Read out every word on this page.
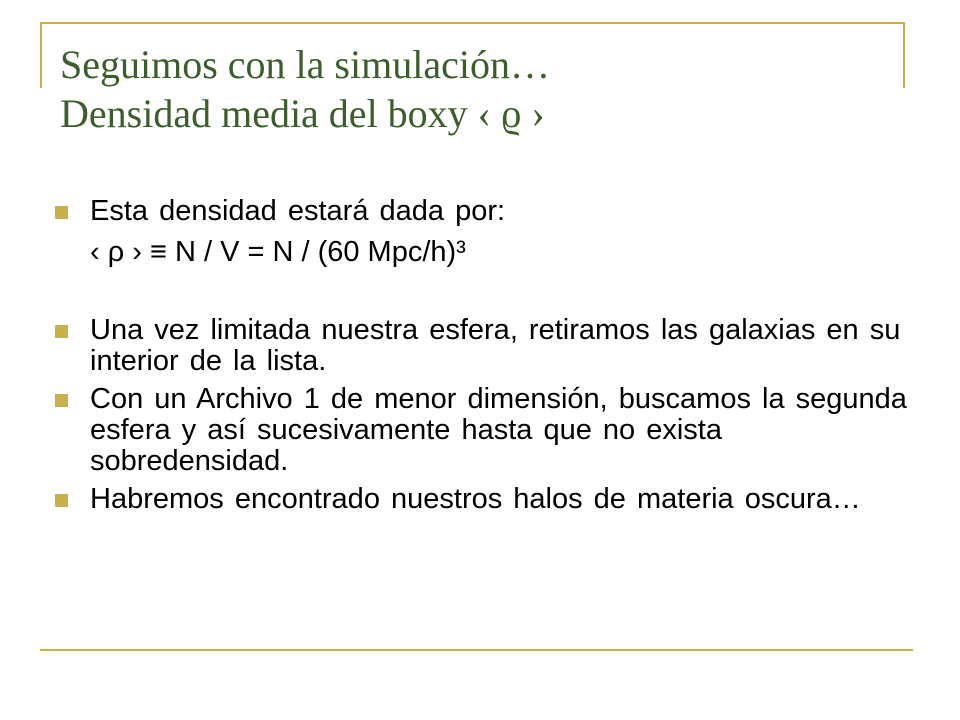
Seguimos con la simulación…
Densidad media del boxy ‹ ϱ ›
Esta densidad estará dada por:
‹ ρ › ≡ N / V = N / (60 Mpc/h)³
Una vez limitada nuestra esfera, retiramos las galaxias en su interior de la lista.
Con un Archivo 1 de menor dimensión, buscamos la segunda esfera y así sucesivamente hasta que no exista sobredensidad.
Habremos encontrado nuestros halos de materia oscura…
